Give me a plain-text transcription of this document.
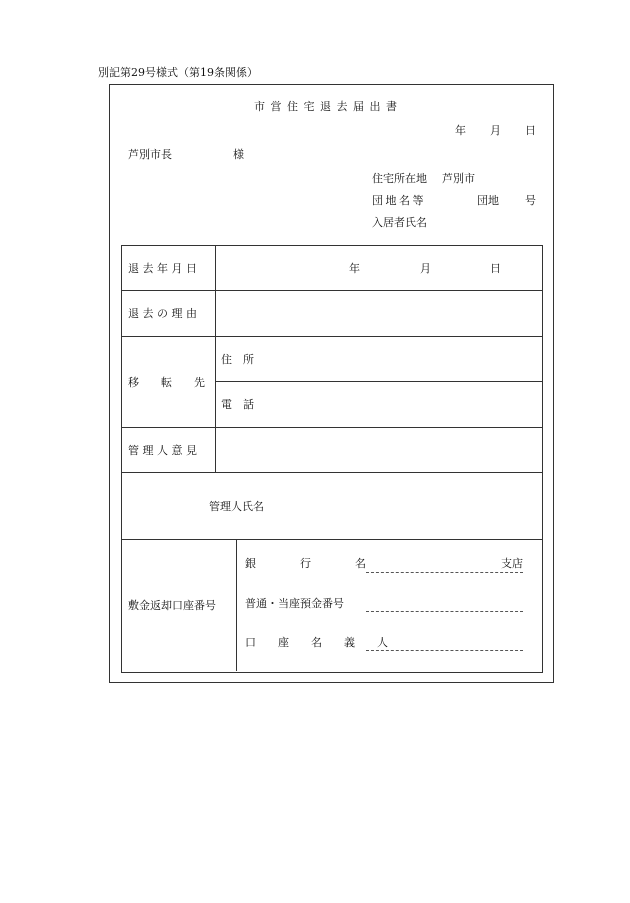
別記第29号様式（第19条関係）
市 営 住 宅 退 去 届 出 書
年 月 日
芦別市長	様
住宅所在地 芦別市
団 地 名 等	団地 号
入居者氏名
退 去 年 月 日	年	月	日
退 去 の 理 由
移　　転　　先
住　所
電　話
管 理 人 意 見
管理人氏名
敷金返却口座番号
銀　　　　行　　　　名	支店
普通・当座預金番号
口　　座　　名　　義　　人
